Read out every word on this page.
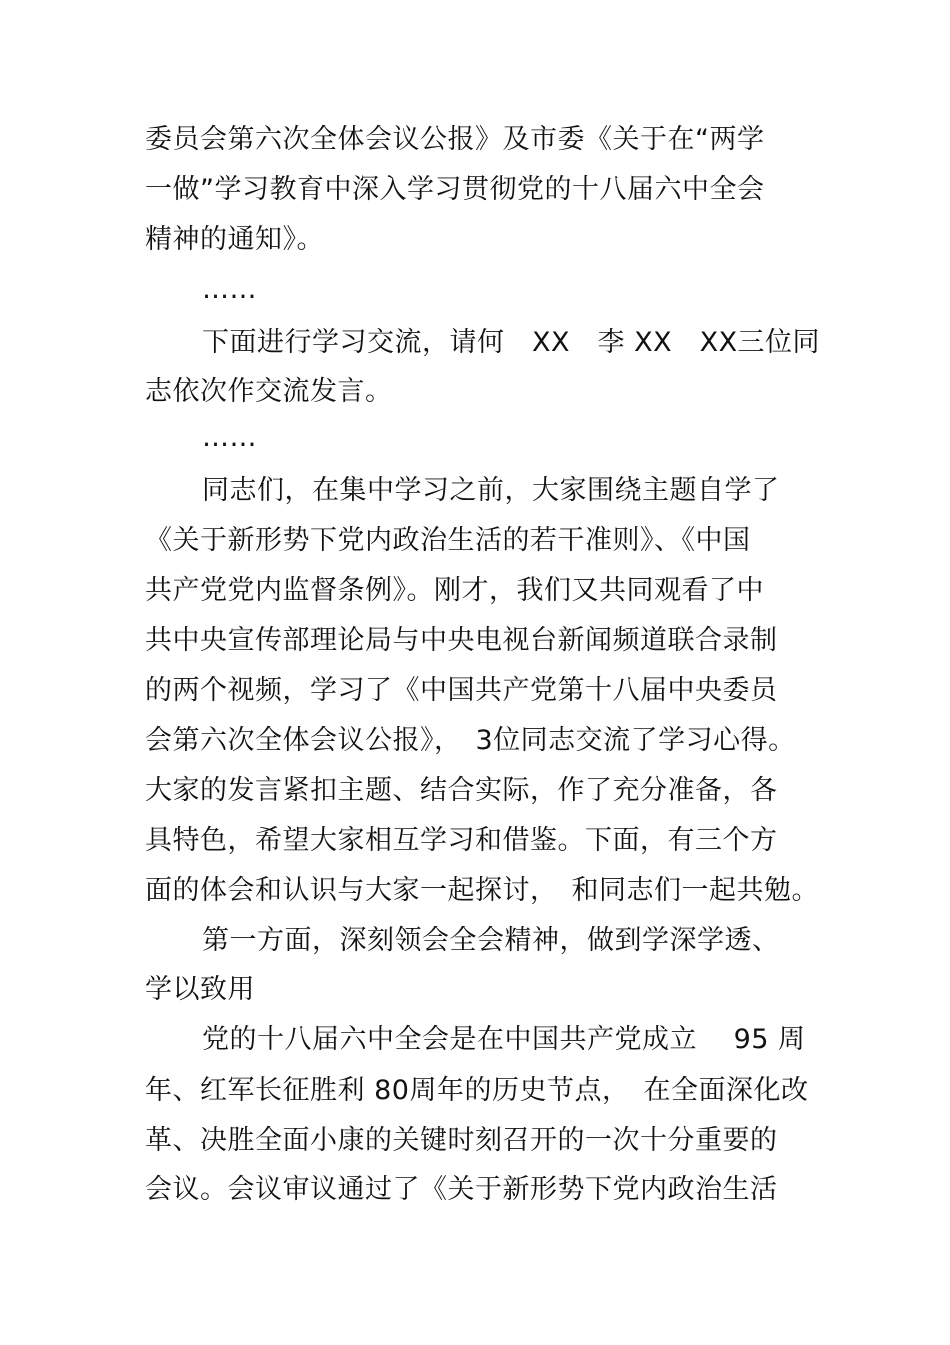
委员会第六次全体会议公报》及市委《关于在“两学
一做”学习教育中深入学习贯彻党的十八届六中全会
精神的通知》。
……
下面进行学习交流，请何　XX　李 XX　XX三位同
志依次作交流发言。
……
同志们，在集中学习之前，大家围绕主题自学了
《关于新形势下党内政治生活的若干准则》、《中国
共产党党内监督条例》。刚才，我们又共同观看了中
共中央宣传部理论局与中央电视台新闻频道联合录制
的两个视频，学习了《中国共产党第十八届中央委员
会第六次全体会议公报》，　3位同志交流了学习心得。
大家的发言紧扣主题、结合实际，作了充分准备，各
具特色，希望大家相互学习和借鉴。下面，有三个方
面的体会和认识与大家一起探讨，　和同志们一起共勉。
第一方面，深刻领会全会精神，做到学深学透、
学以致用
党的十八届六中全会是在中国共产党成立　 95 周
年、红军长征胜利 80周年的历史节点，　在全面深化改
革、决胜全面小康的关键时刻召开的一次十分重要的
会议。会议审议通过了《关于新形势下党内政治生活
